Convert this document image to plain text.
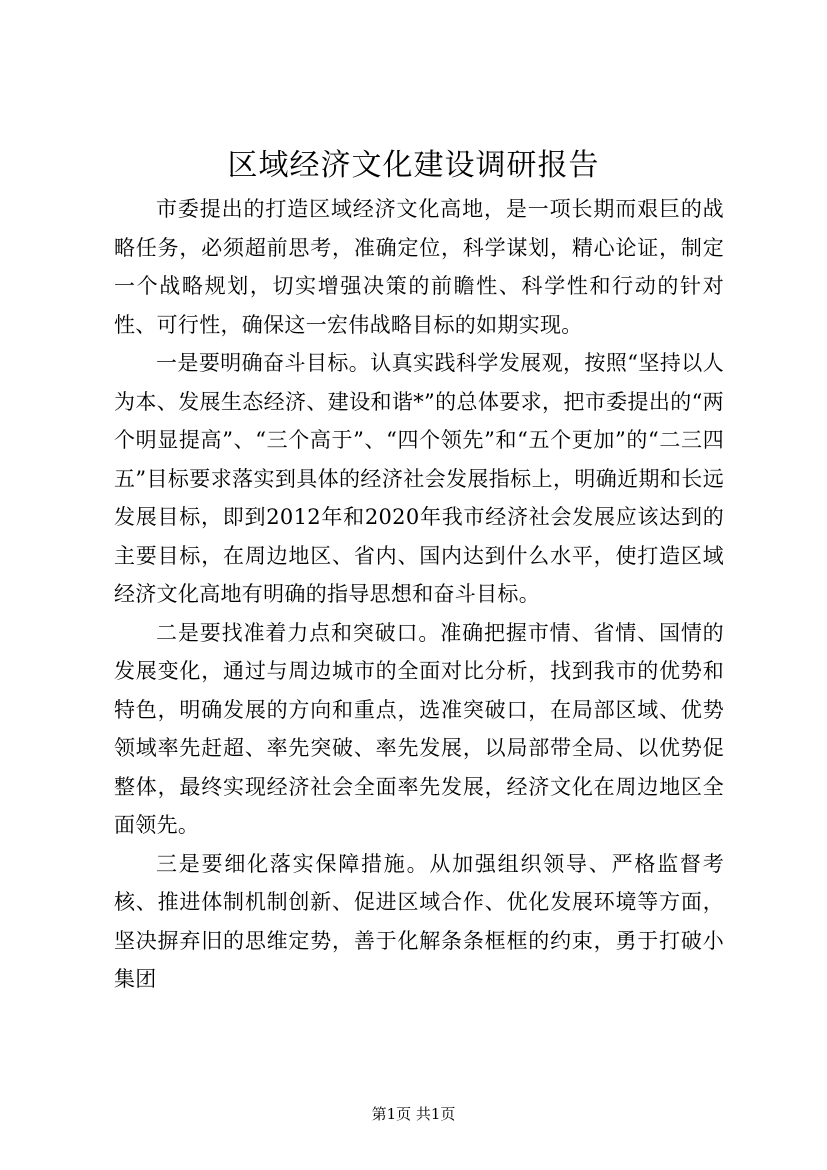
区域经济文化建设调研报告

市委提出的打造区域经济文化高地，是一项长期而艰巨的战略任务，必须超前思考，准确定位，科学谋划，精心论证，制定一个战略规划，切实增强决策的前瞻性、科学性和行动的针对性、可行性，确保这一宏伟战略目标的如期实现。

一是要明确奋斗目标。认真实践科学发展观，按照“坚持以人为本、发展生态经济、建设和谐*”的总体要求，把市委提出的“两个明显提高”、“三个高于”、“四个领先”和“五个更加”的“二三四五”目标要求落实到具体的经济社会发展指标上，明确近期和长远发展目标，即到2012年和2020年我市经济社会发展应该达到的主要目标，在周边地区、省内、国内达到什么水平，使打造区域经济文化高地有明确的指导思想和奋斗目标。

二是要找准着力点和突破口。准确把握市情、省情、国情的发展变化，通过与周边城市的全面对比分析，找到我市的优势和特色，明确发展的方向和重点，选准突破口，在局部区域、优势领域率先赶超、率先突破、率先发展，以局部带全局、以优势促整体，最终实现经济社会全面率先发展，经济文化在周边地区全面领先。

三是要细化落实保障措施。从加强组织领导、严格监督考核、推进体制机制创新、促进区域合作、优化发展环境等方面，坚决摒弃旧的思维定势，善于化解条条框框的约束，勇于打破小集团

第1页 共1页
